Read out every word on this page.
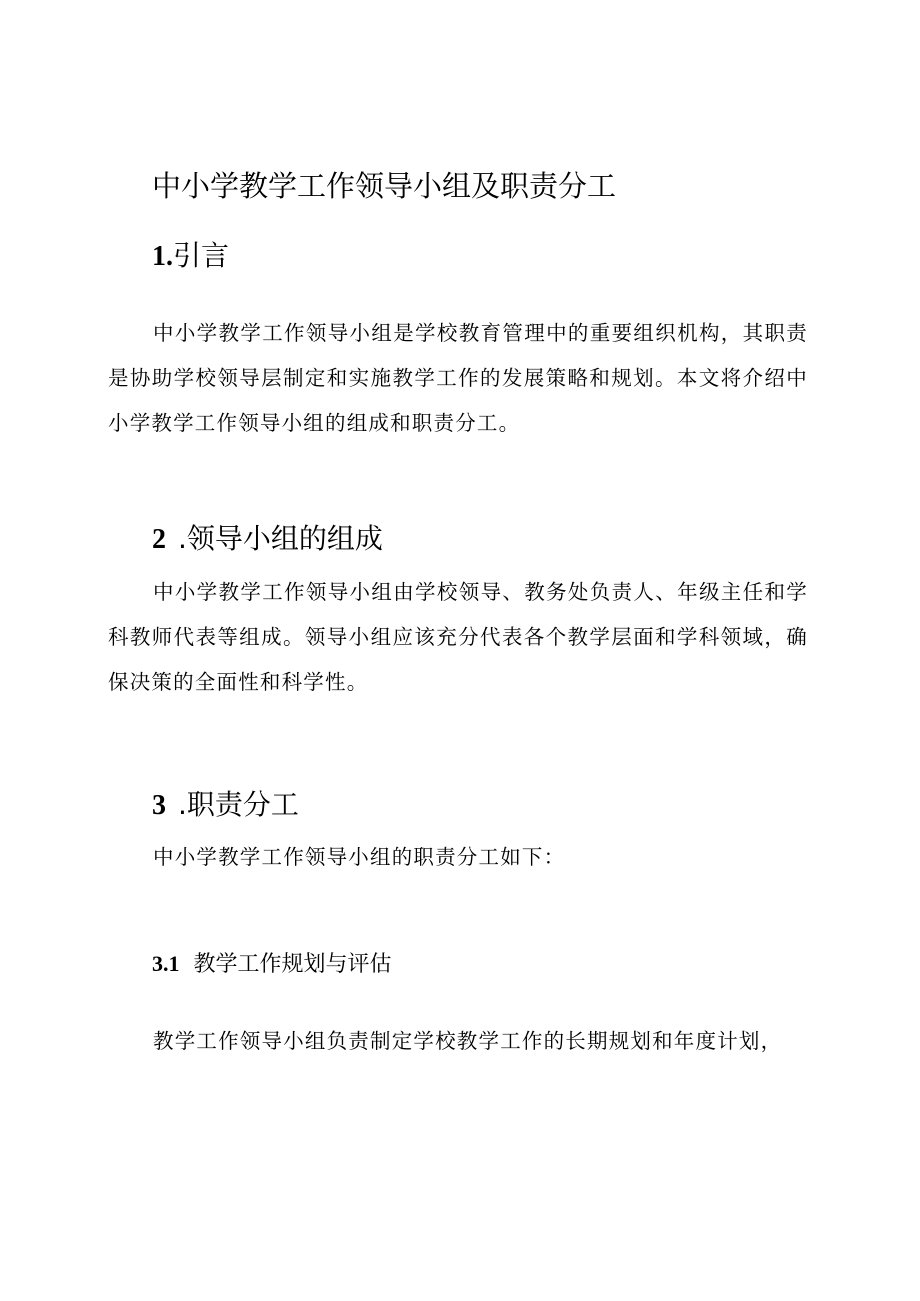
中小学教学工作领导小组及职责分工
1.引言

中小学教学工作领导小组是学校教育管理中的重要组织机构，其职责是协助学校领导层制定和实施教学工作的发展策略和规划。本文将介绍中小学教学工作领导小组的组成和职责分工。

2 .领导小组的组成

中小学教学工作领导小组由学校领导、教务处负责人、年级主任和学科教师代表等组成。领导小组应该充分代表各个教学层面和学科领域，确保决策的全面性和科学性。

3 .职责分工

中小学教学工作领导小组的职责分工如下：

3.1 教学工作规划与评估

教学工作领导小组负责制定学校教学工作的长期规划和年度计划，
